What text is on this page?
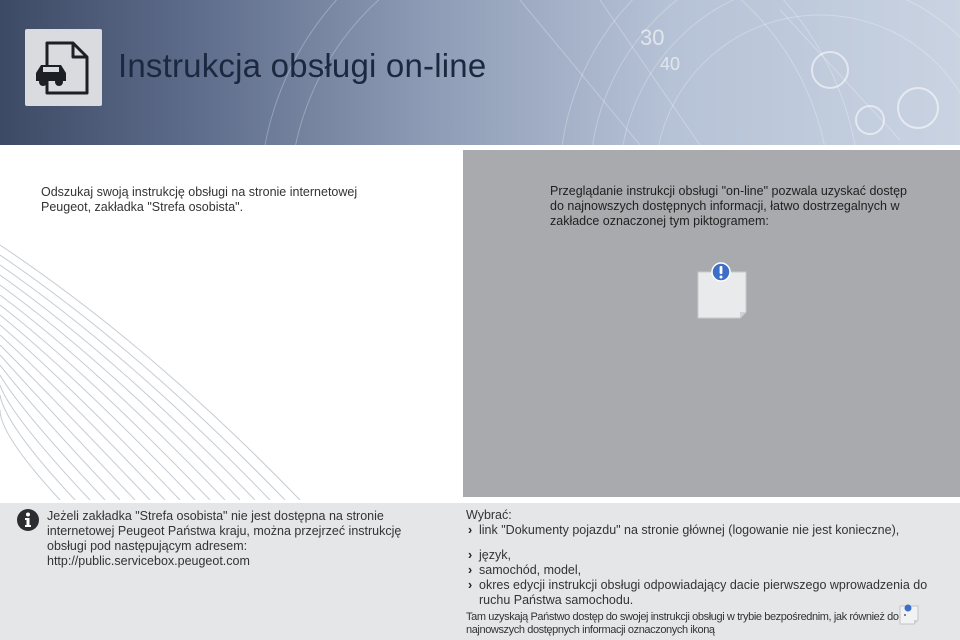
30
40
Instrukcja obsługi on-line
Odszukaj swoją instrukcję obsługi na stronie internetowej Peugeot, zakładka "Strefa osobista".
Przeglądanie instrukcji obsługi "on-line" pozwala uzyskać dostęp do najnowszych dostępnych informacji, łatwo dostrzegalnych w zakładce oznaczonej tym piktogramem:
Jeżeli zakładka "Strefa osobista" nie jest dostępna na stronie internetowej Peugeot Państwa kraju, można przejrzeć instrukcję obsługi pod następującym adresem:
http://public.servicebox.peugeot.com
Wybrać:
› link "Dokumenty pojazdu" na stronie głównej (logowanie nie jest konieczne),
› język,
› samochód, model,
› okres edycji instrukcji obsługi odpowiadający dacie pierwszego wprowadzenia do ruchu Państwa samochodu.
Tam uzyskają Państwo dostęp do swojej instrukcji obsługi w trybie bezpośrednim, jak również do najnowszych dostępnych informacji oznaczonych ikoną
